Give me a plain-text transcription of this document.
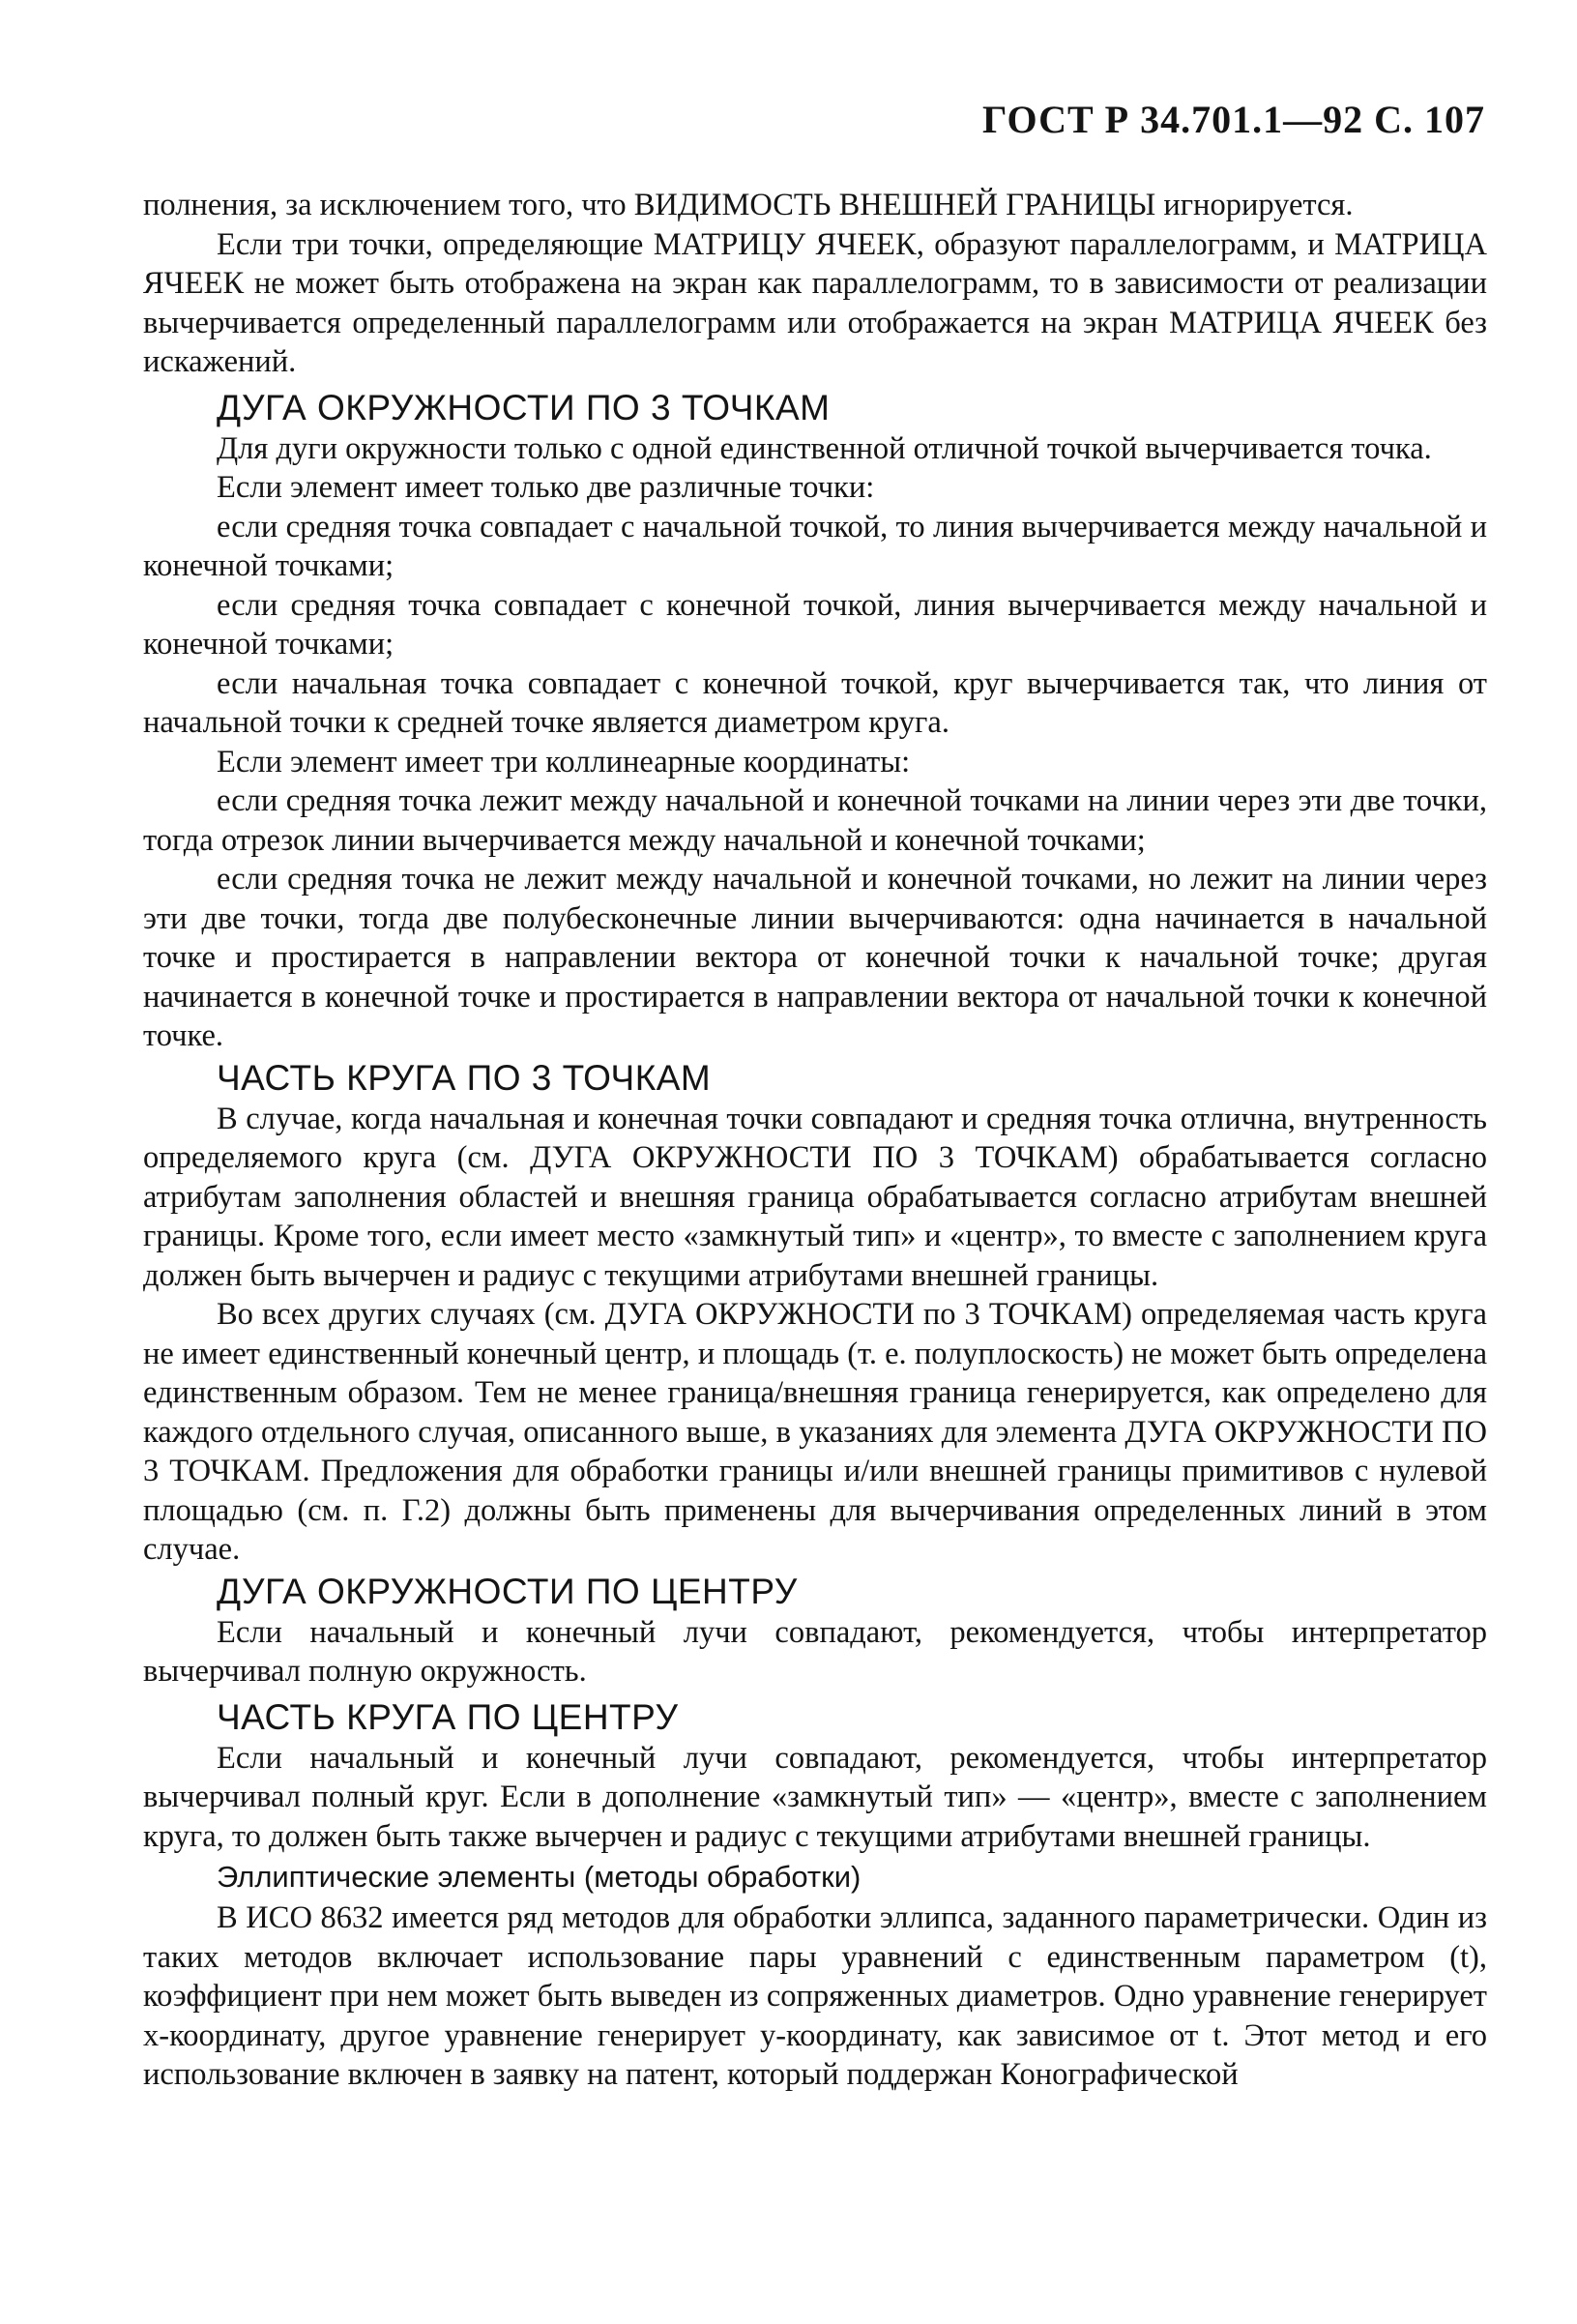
ГОСТ Р 34.701.1—92 С. 107

полнения, за исключением того, что ВИДИМОСТЬ ВНЕШНЕЙ ГРАНИЦЫ игнорируется.

Если три точки, определяющие МАТРИЦУ ЯЧЕЕК, образуют параллелограмм, и МАТРИЦА ЯЧЕЕК не может быть отображена на экран как параллелограмм, то в зависимости от реализации вычерчивается определенный параллелограмм или отображается на экран МАТРИЦА ЯЧЕЕК без искажений.

ДУГА ОКРУЖНОСТИ ПО 3 ТОЧКАМ

Для дуги окружности только с одной единственной отличной точкой вычерчивается точка.

Если элемент имеет только две различные точки:

если средняя точка совпадает с начальной точкой, то линия вычерчивается между начальной и конечной точками;

если средняя точка совпадает с конечной точкой, линия вычерчивается между начальной и конечной точками;

если начальная точка совпадает с конечной точкой, круг вычерчивается так, что линия от начальной точки к средней точке является диаметром круга.

Если элемент имеет три коллинеарные координаты:

если средняя точка лежит между начальной и конечной точками на линии через эти две точки, тогда отрезок линии вычерчивается между начальной и конечной точками;

если средняя точка не лежит между начальной и конечной точками, но лежит на линии через эти две точки, тогда две полубесконечные линии вычерчиваются: одна начинается в начальной точке и простирается в направлении вектора от конечной точки к начальной точке; другая начинается в конечной точке и простирается в направлении вектора от начальной точки к конечной точке.

ЧАСТЬ КРУГА ПО 3 ТОЧКАМ

В случае, когда начальная и конечная точки совпадают и средняя точка отлична, внутренность определяемого круга (см. ДУГА ОКРУЖНОСТИ ПО 3 ТОЧКАМ) обрабатывается согласно атрибутам заполнения областей и внешняя граница обрабатывается согласно атрибутам внешней границы. Кроме того, если имеет место «замкнутый тип» и «центр», то вместе с заполнением круга должен быть вычерчен и радиус с текущими атрибутами внешней границы.

Во всех других случаях (см. ДУГА ОКРУЖНОСТИ по 3 ТОЧКАМ) определяемая часть круга не имеет единственный конечный центр, и площадь (т. е. полуплоскость) не может быть определена единственным образом. Тем не менее граница/внешняя граница генерируется, как определено для каждого отдельного случая, описанного выше, в указаниях для элемента ДУГА ОКРУЖНОСТИ ПО 3 ТОЧКАМ. Предложения для обработки границы и/или внешней границы примитивов с нулевой площадью (см. п. Г.2) должны быть применены для вычерчивания определенных линий в этом случае.

ДУГА ОКРУЖНОСТИ ПО ЦЕНТРУ

Если начальный и конечный лучи совпадают, рекомендуется, чтобы интерпретатор вычерчивал полную окружность.

ЧАСТЬ КРУГА ПО ЦЕНТРУ

Если начальный и конечный лучи совпадают, рекомендуется, чтобы интерпретатор вычерчивал полный круг. Если в дополнение «замкнутый тип» — «центр», вместе с заполнением круга, то должен быть также вычерчен и радиус с текущими атрибутами внешней границы.

Эллиптические элементы (методы обработки)

В ИСО 8632 имеется ряд методов для обработки эллипса, заданного параметрически. Один из таких методов включает использование пары уравнений с единственным параметром (t), коэффициент при нем может быть выведен из сопряженных диаметров. Одно уравнение генерирует x-координату, другое уравнение генерирует y-координату, как зависимое от t. Этот метод и его использование включен в заявку на патент, который поддержан Конографической
